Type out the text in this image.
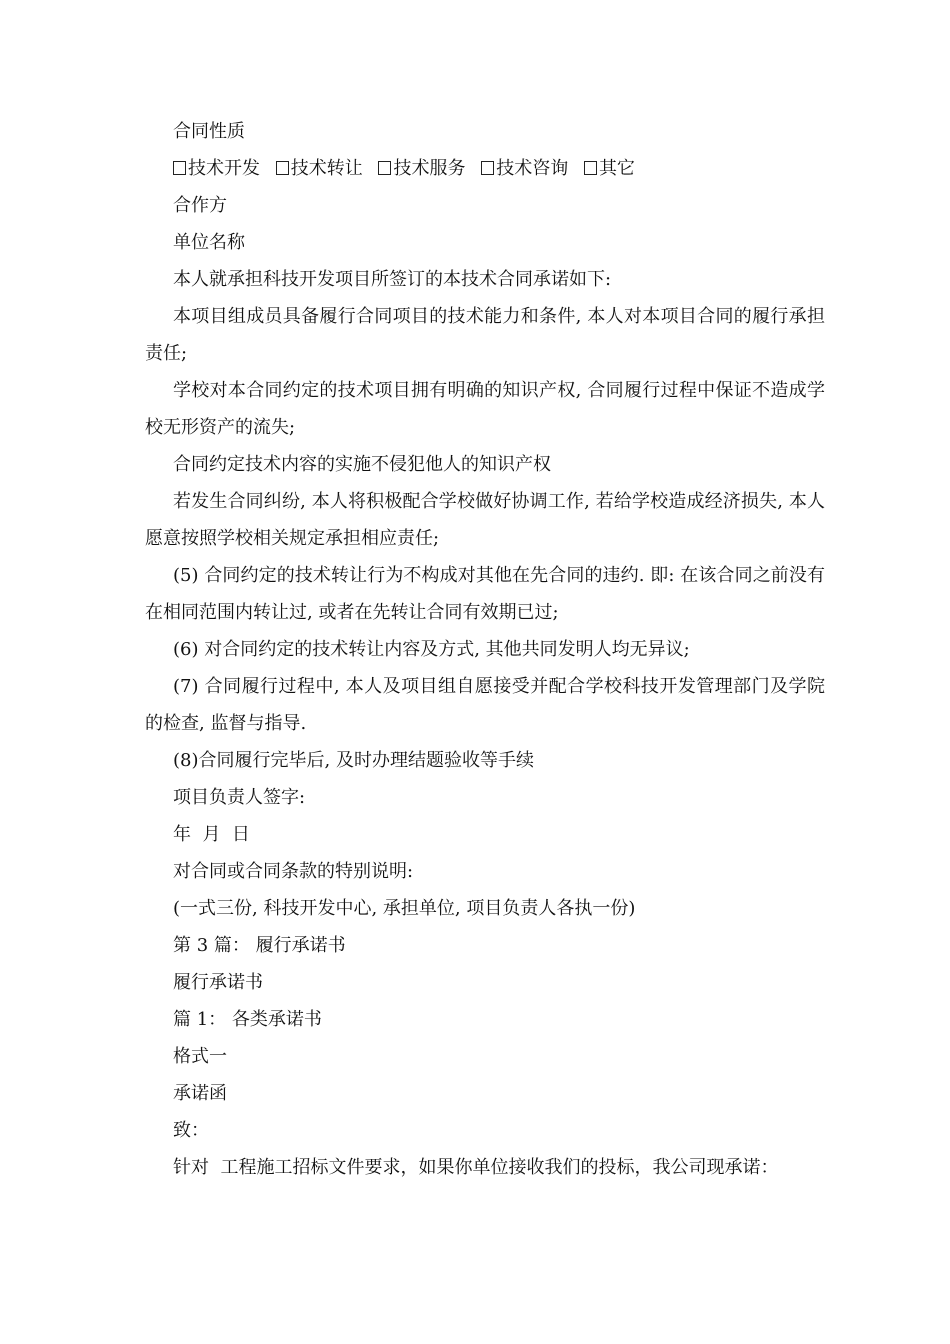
合同性质
技术开发 技术转让 技术服务 技术咨询 其它
合作方
单位名称
本人就承担科技开发项目所签订的本技术合同承诺如下:

本项目组成员具备履行合同项目的技术能力和条件, 本人对本项目合同的履行承担责任;

学校对本合同约定的技术项目拥有明确的知识产权, 合同履行过程中保证不造成学校无形资产的流失;

合同约定技术内容的实施不侵犯他人的知识产权

若发生合同纠纷, 本人将积极配合学校做好协调工作, 若给学校造成经济损失, 本人愿意按照学校相关规定承担相应责任;

(5) 合同约定的技术转让行为不构成对其他在先合同的违约. 即: 在该合同之前没有在相同范围内转让过, 或者在先转让合同有效期已过;

(6) 对合同约定的技术转让内容及方式, 其他共同发明人均无异议;

(7) 合同履行过程中, 本人及项目组自愿接受并配合学校科技开发管理部门及学院的检查, 监督与指导.

(8)合同履行完毕后, 及时办理结题验收等手续

项目负责人签字:
年  月  日
对合同或合同条款的特别说明:
(一式三份, 科技开发中心, 承担单位, 项目负责人各执一份)
第 3 篇： 履行承诺书
履行承诺书
篇 1： 各类承诺书
格式一
承诺函
致：
针对  工程施工招标文件要求，如果你单位接收我们的投标，我公司现承诺：
